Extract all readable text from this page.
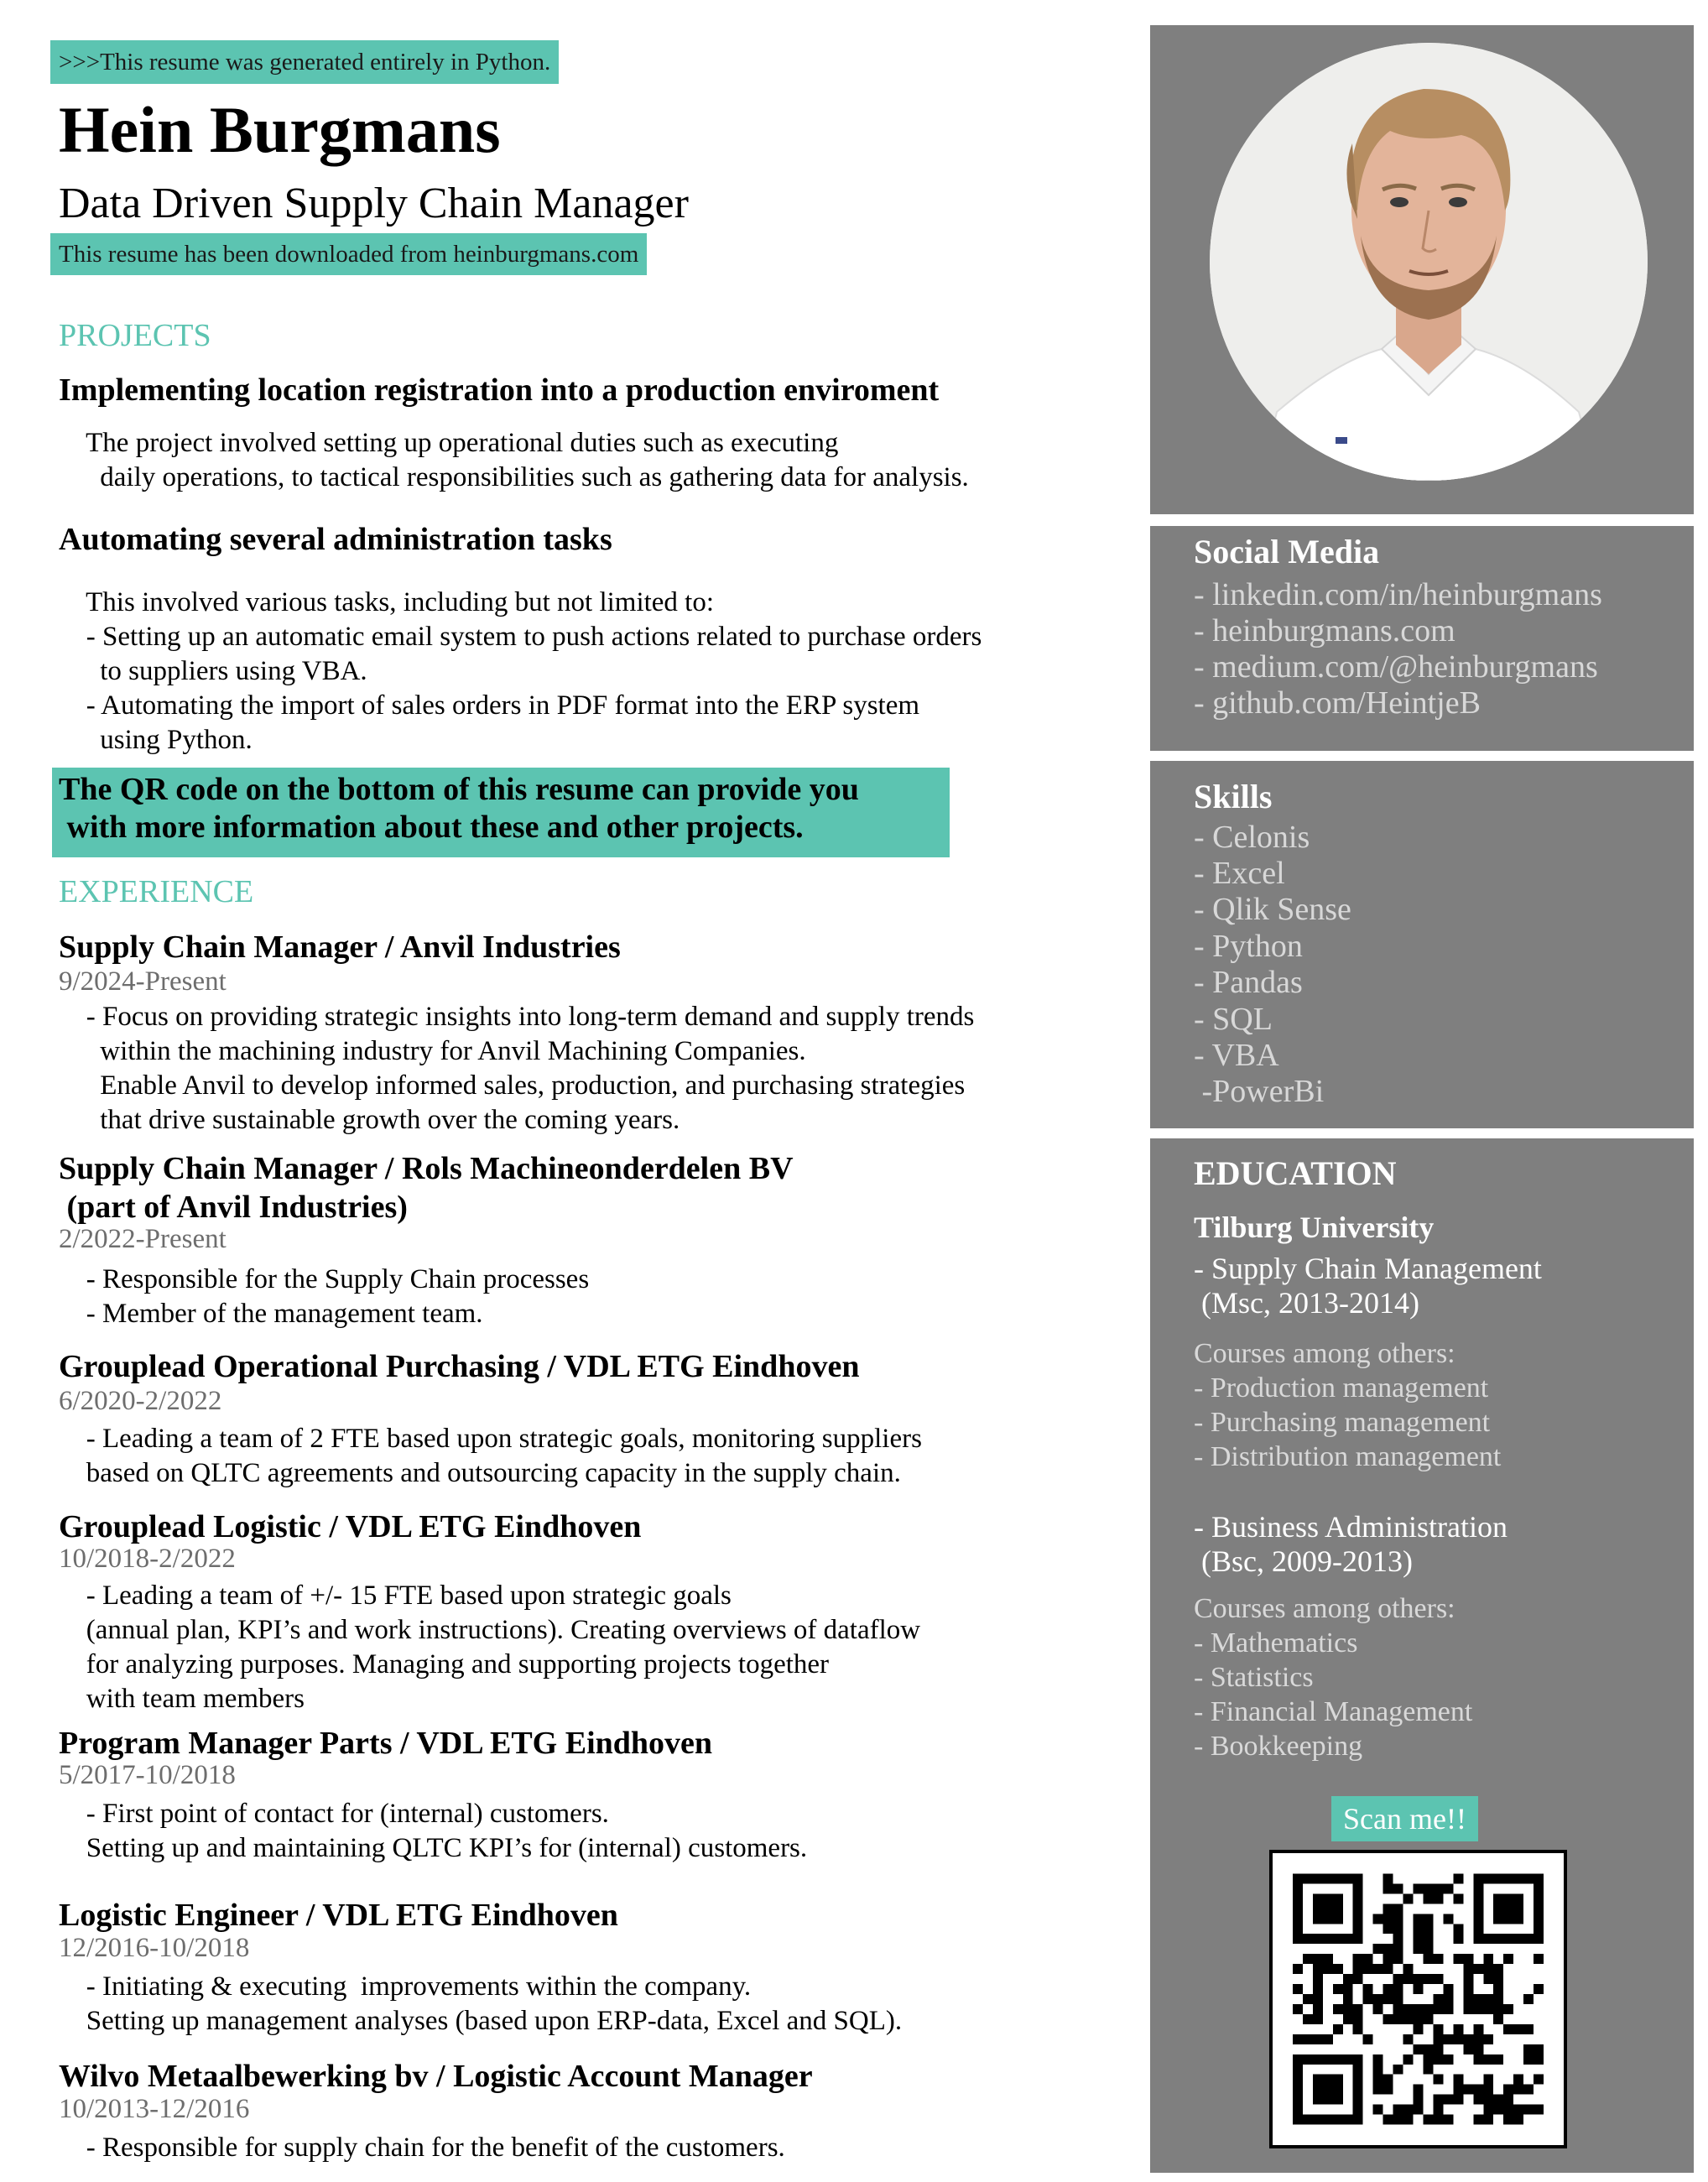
>>>This resume was generated entirely in Python.
Hein Burgmans
Data Driven Supply Chain Manager
This resume has been downloaded from heinburgmans.com
PROJECTS
Implementing location registration into a production enviroment
The project involved setting up operational duties such as executing
daily operations, to tactical responsibilities such as gathering data for analysis.
Automating several administration tasks
This involved various tasks, including but not limited to:
- Setting up an automatic email system to push actions related to purchase orders
to suppliers using VBA.
- Automating the import of sales orders in PDF format into the ERP system
using Python.
The QR code on the bottom of this resume can provide you
with more information about these and other projects.
EXPERIENCE
Supply Chain Manager / Anvil Industries
9/2024-Present
- Focus on providing strategic insights into long-term demand and supply trends
within the machining industry for Anvil Machining Companies.
Enable Anvil to develop informed sales, production, and purchasing strategies
that drive sustainable growth over the coming years.
Supply Chain Manager / Rols Machineonderdelen BV
(part of Anvil Industries)
2/2022-Present
- Responsible for the Supply Chain processes
- Member of the management team.
Grouplead Operational Purchasing / VDL ETG Eindhoven
6/2020-2/2022
- Leading a team of 2 FTE based upon strategic goals, monitoring suppliers
based on QLTC agreements and outsourcing capacity in the supply chain.
Grouplead Logistic / VDL ETG Eindhoven
10/2018-2/2022
- Leading a team of +/- 15 FTE based upon strategic goals
(annual plan, KPI’s and work instructions). Creating overviews of dataflow
for analyzing purposes. Managing and supporting projects together
with team members
Program Manager Parts / VDL ETG Eindhoven
5/2017-10/2018
- First point of contact for (internal) customers.
Setting up and maintaining QLTC KPI’s for (internal) customers.
Logistic Engineer / VDL ETG Eindhoven
12/2016-10/2018
- Initiating & executing  improvements within the company.
Setting up management analyses (based upon ERP-data, Excel and SQL).
Wilvo Metaalbewerking bv / Logistic Account Manager
10/2013-12/2016
- Responsible for supply chain for the benefit of the customers.
Social Media
- linkedin.com/in/heinburgmans
- heinburgmans.com
- medium.com/@heinburgmans
- github.com/HeintjeB
Skills
- Celonis
- Excel
- Qlik Sense
- Python
- Pandas
- SQL
- VBA
-PowerBi
EDUCATION
Tilburg University
- Supply Chain Management
(Msc, 2013-2014)
Courses among others:
- Production management
- Purchasing management
- Distribution management
- Business Administration
(Bsc, 2009-2013)
Courses among others:
- Mathematics
- Statistics
- Financial Management
- Bookkeeping
Scan me!!
